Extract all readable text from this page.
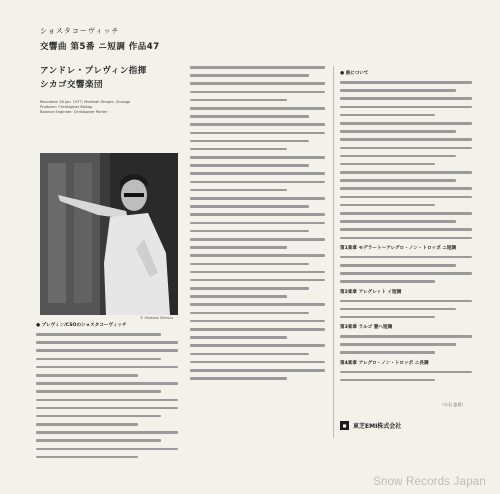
ショスタコーヴィッチ
交響曲 第5番 ニ短調 作品47
アンドレ・プレヴィン指揮
シカゴ交響楽団
Recorded: 28 Jan. 1977, Medinah Temple, Chicago
Producer: Christopher Bishop
Balance Engineer: Christopher Parker
© Hirotaka Shimizu
● プレヴィン/CSOのショスタコーヴィッチ
● 曲について
第1楽章 モデラート～アレグロ・ノン・トロッポ ニ短調
第2楽章 アレグレット イ短調
第3楽章 ラルゴ 嬰ヘ短調
第4楽章 アレグロ・ノン・トロッポ ニ長調
（小石 忠男）
■	東芝EMI株式会社
Snow Records Japan
